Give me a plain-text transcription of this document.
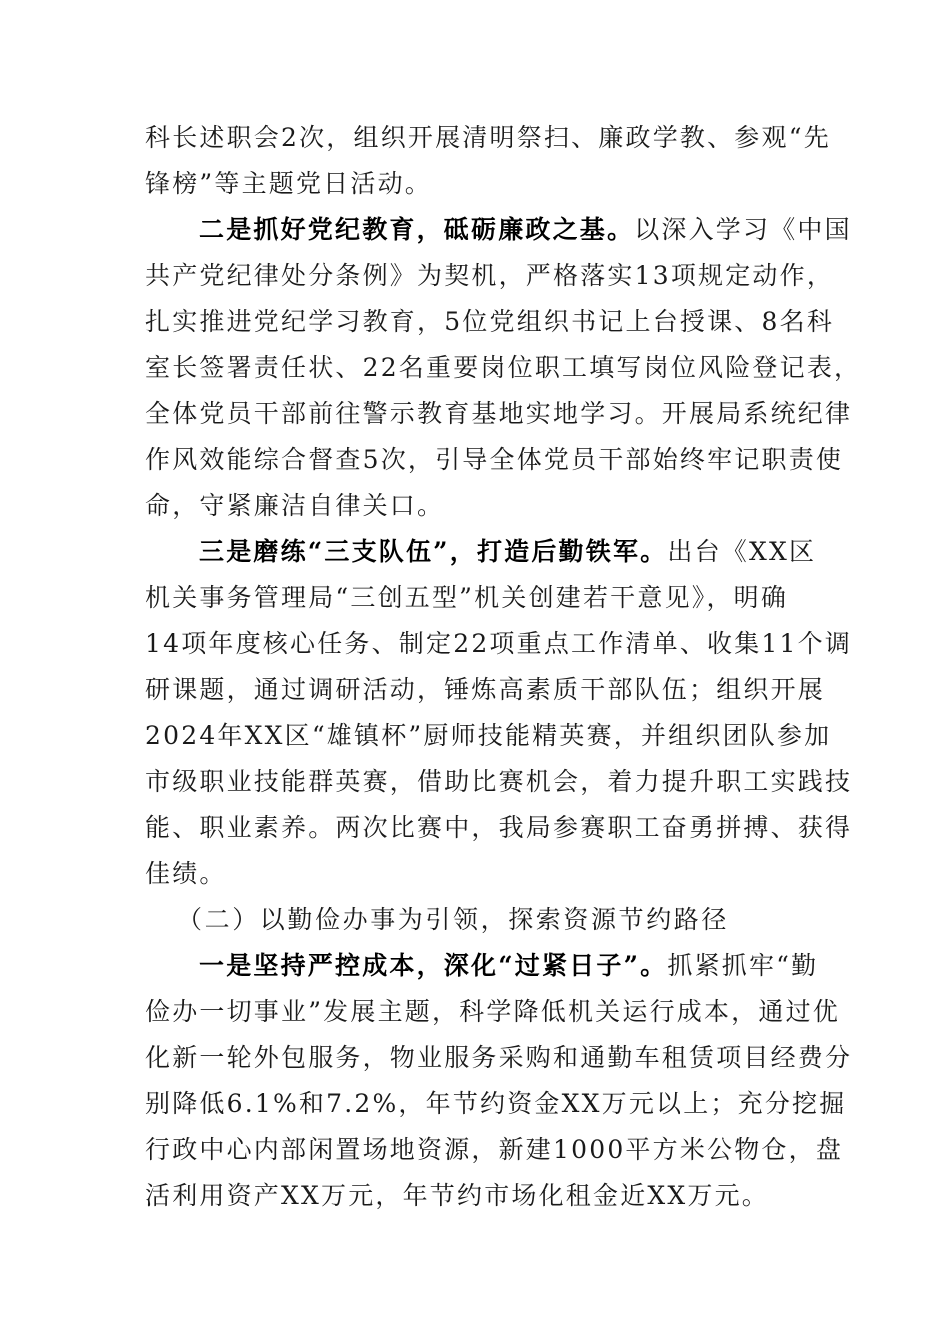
科长述职会2次，组织开展清明祭扫、廉政学教、参观“先
锋榜”等主题党日活动。
二是抓好党纪教育，砥砺廉政之基。以深入学习《中国
共产党纪律处分条例》为契机，严格落实13项规定动作，
扎实推进党纪学习教育，5位党组织书记上台授课、8名科
室长签署责任状、22名重要岗位职工填写岗位风险登记表，
全体党员干部前往警示教育基地实地学习。开展局系统纪律
作风效能综合督查5次，引导全体党员干部始终牢记职责使
命，守紧廉洁自律关口。
三是磨练“三支队伍”，打造后勤铁军。出台《XX区
机关事务管理局“三创五型”机关创建若干意见》，明确
14项年度核心任务、制定22项重点工作清单、收集11个调
研课题，通过调研活动，锤炼高素质干部队伍；组织开展
2024年XX区“雄镇杯”厨师技能精英赛，并组织团队参加
市级职业技能群英赛，借助比赛机会，着力提升职工实践技
能、职业素养。两次比赛中，我局参赛职工奋勇拼搏、获得
佳绩。
（二）以勤俭办事为引领，探索资源节约路径
一是坚持严控成本，深化“过紧日子”。抓紧抓牢“勤
俭办一切事业”发展主题，科学降低机关运行成本，通过优
化新一轮外包服务，物业服务采购和通勤车租赁项目经费分
别降低6.1%和7.2%，年节约资金XX万元以上；充分挖掘
行政中心内部闲置场地资源，新建1000平方米公物仓，盘
活利用资产XX万元，年节约市场化租金近XX万元。
